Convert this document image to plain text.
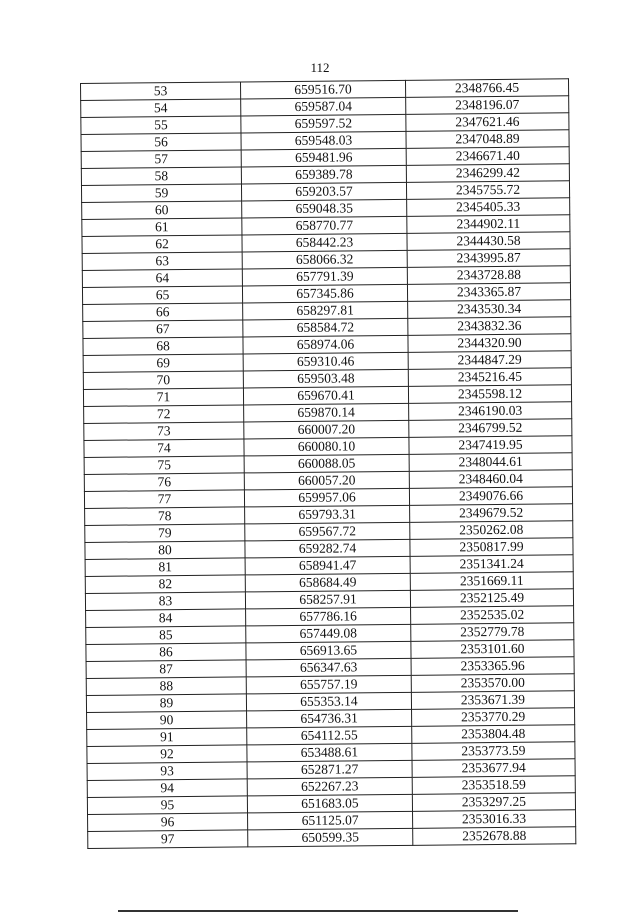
112
53	659516.70	2348766.45
54	659587.04	2348196.07
55	659597.52	2347621.46
56	659548.03	2347048.89
57	659481.96	2346671.40
58	659389.78	2346299.42
59	659203.57	2345755.72
60	659048.35	2345405.33
61	658770.77	2344902.11
62	658442.23	2344430.58
63	658066.32	2343995.87
64	657791.39	2343728.88
65	657345.86	2343365.87
66	658297.81	2343530.34
67	658584.72	2343832.36
68	658974.06	2344320.90
69	659310.46	2344847.29
70	659503.48	2345216.45
71	659670.41	2345598.12
72	659870.14	2346190.03
73	660007.20	2346799.52
74	660080.10	2347419.95
75	660088.05	2348044.61
76	660057.20	2348460.04
77	659957.06	2349076.66
78	659793.31	2349679.52
79	659567.72	2350262.08
80	659282.74	2350817.99
81	658941.47	2351341.24
82	658684.49	2351669.11
83	658257.91	2352125.49
84	657786.16	2352535.02
85	657449.08	2352779.78
86	656913.65	2353101.60
87	656347.63	2353365.96
88	655757.19	2353570.00
89	655353.14	2353671.39
90	654736.31	2353770.29
91	654112.55	2353804.48
92	653488.61	2353773.59
93	652871.27	2353677.94
94	652267.23	2353518.59
95	651683.05	2353297.25
96	651125.07	2353016.33
97	650599.35	2352678.88
